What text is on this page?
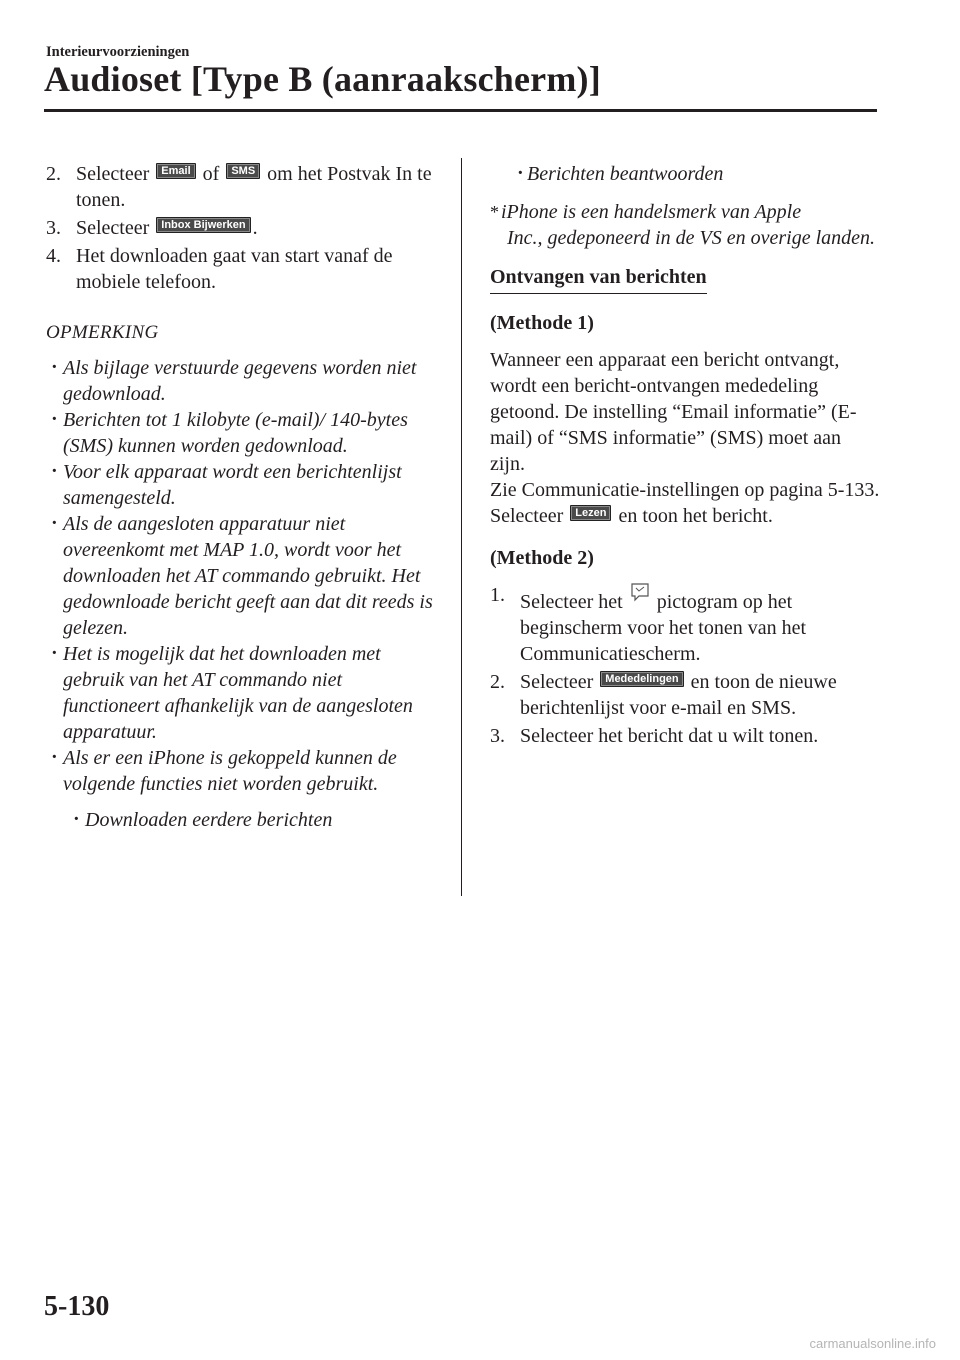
Interieurvoorzieningen
Audioset [Type B (aanraakscherm)]
2. Selecteer Email of SMS om het Postvak In te tonen.
3. Selecteer Inbox Bijwerken .
4. Het downloaden gaat van start vanaf de mobiele telefoon.
OPMERKING
· Als bijlage verstuurde gegevens worden niet gedownload.
· Berichten tot 1 kilobyte (e-mail)/ 140-bytes (SMS) kunnen worden gedownload.
· Voor elk apparaat wordt een berichtenlijst samengesteld.
· Als de aangesloten apparatuur niet overeenkomt met MAP 1.0, wordt voor het downloaden het AT commando gebruikt. Het gedownloade bericht geeft aan dat dit reeds is gelezen.
· Het is mogelijk dat het downloaden met gebruik van het AT commando niet functioneert afhankelijk van de aangesloten apparatuur.
· Als er een iPhone is gekoppeld kunnen de volgende functies niet worden gebruikt.
· Downloaden eerdere berichten
· Berichten beantwoorden
* iPhone is een handelsmerk van Apple
Inc., gedeponeerd in de VS en overige landen.
Ontvangen van berichten
(Methode 1)
Wanneer een apparaat een bericht ontvangt, wordt een bericht-ontvangen mededeling getoond. De instelling “Email informatie” (E-mail) of “SMS informatie” (SMS) moet aan zijn.
Zie Communicatie-instellingen op pagina 5-133.
Selecteer Lezen en toon het bericht.
(Methode 2)
1. Selecteer het pictogram op het beginscherm voor het tonen van het Communicatiescherm.
2. Selecteer Mededelingen en toon de nieuwe berichtenlijst voor e-mail en SMS.
3. Selecteer het bericht dat u wilt tonen.
5-130
carmanualsonline.info
